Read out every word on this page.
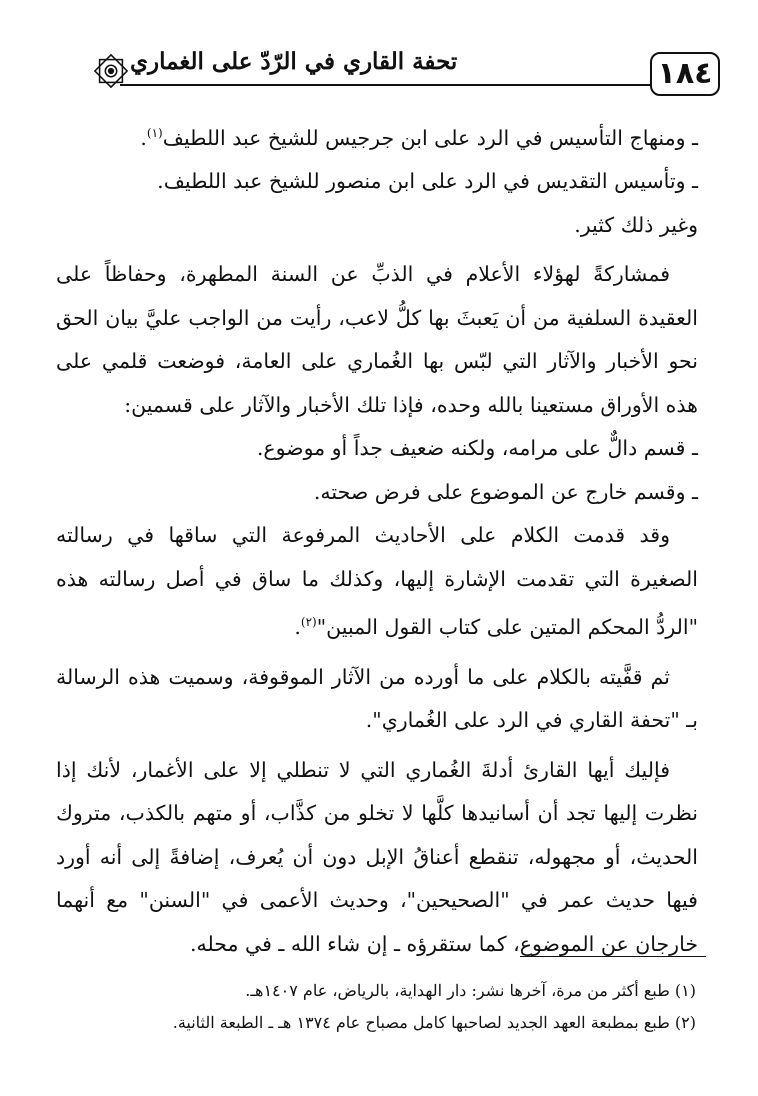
١٨٤
تحفة القاري في الرّدّ على الغماري

ـ ومنهاج التأسيس في الرد على ابن جرجيس للشيخ عبد اللطيف$^{(١)}$.

ـ وتأسيس التقديس في الرد على ابن منصور للشيخ عبد اللطيف.

وغير ذلك كثير.

فمشاركةً لهؤلاء الأعلام في الذبِّ عن السنة المطهرة، وحفاظاً على العقيدة السلفية من أن يَعبثَ بها كلُّ لاعب، رأيت من الواجب عليَّ بيان الحق نحو الأخبار والآثار التي لبّس بها الغُماري على العامة، فوضعت قلمي على هذه الأوراق مستعينا بالله وحده، فإذا تلك الأخبار والآثار على قسمين:

ـ قسم دالٌّ على مرامه، ولكنه ضعيف جداً أو موضوع.

ـ وقسم خارج عن الموضوع على فرض صحته.

وقد قدمت الكلام على الأحاديث المرفوعة التي ساقها في رسالته الصغيرة التي تقدمت الإشارة إليها، وكذلك ما ساق في أصل رسالته هذه "الردُّ المحكم المتين على كتاب القول المبين"$^{(٢)}$.

ثم قفَّيته بالكلام على ما أورده من الآثار الموقوفة، وسميت هذه الرسالة بـ "تحفة القاري في الرد على الغُماري".

فإليك أيها القارئ أدلةَ الغُماري التي لا تنطلي إلا على الأغمار، لأنك إذا نظرت إليها تجد أن أسانيدها كلَّها لا تخلو من كذَّاب، أو متهم بالكذب، متروك الحديث، أو مجهوله، تنقطع أعناقُ الإبل دون أن يُعرف، إضافةً إلى أنه أورد فيها حديث عمر في "الصحيحين"، وحديث الأعمى في "السنن" مع أنهما خارجان عن الموضوع، كما ستقرؤه ـ إن شاء الله ـ في محله.

(١) طبع أكثر من مرة، آخرها نشر: دار الهداية، بالرياض، عام ١٤٠٧هـ.

(٢) طبع بمطبعة العهد الجديد لصاحبها كامل مصباح عام ١٣٧٤ هـ ـ الطبعة الثانية.
